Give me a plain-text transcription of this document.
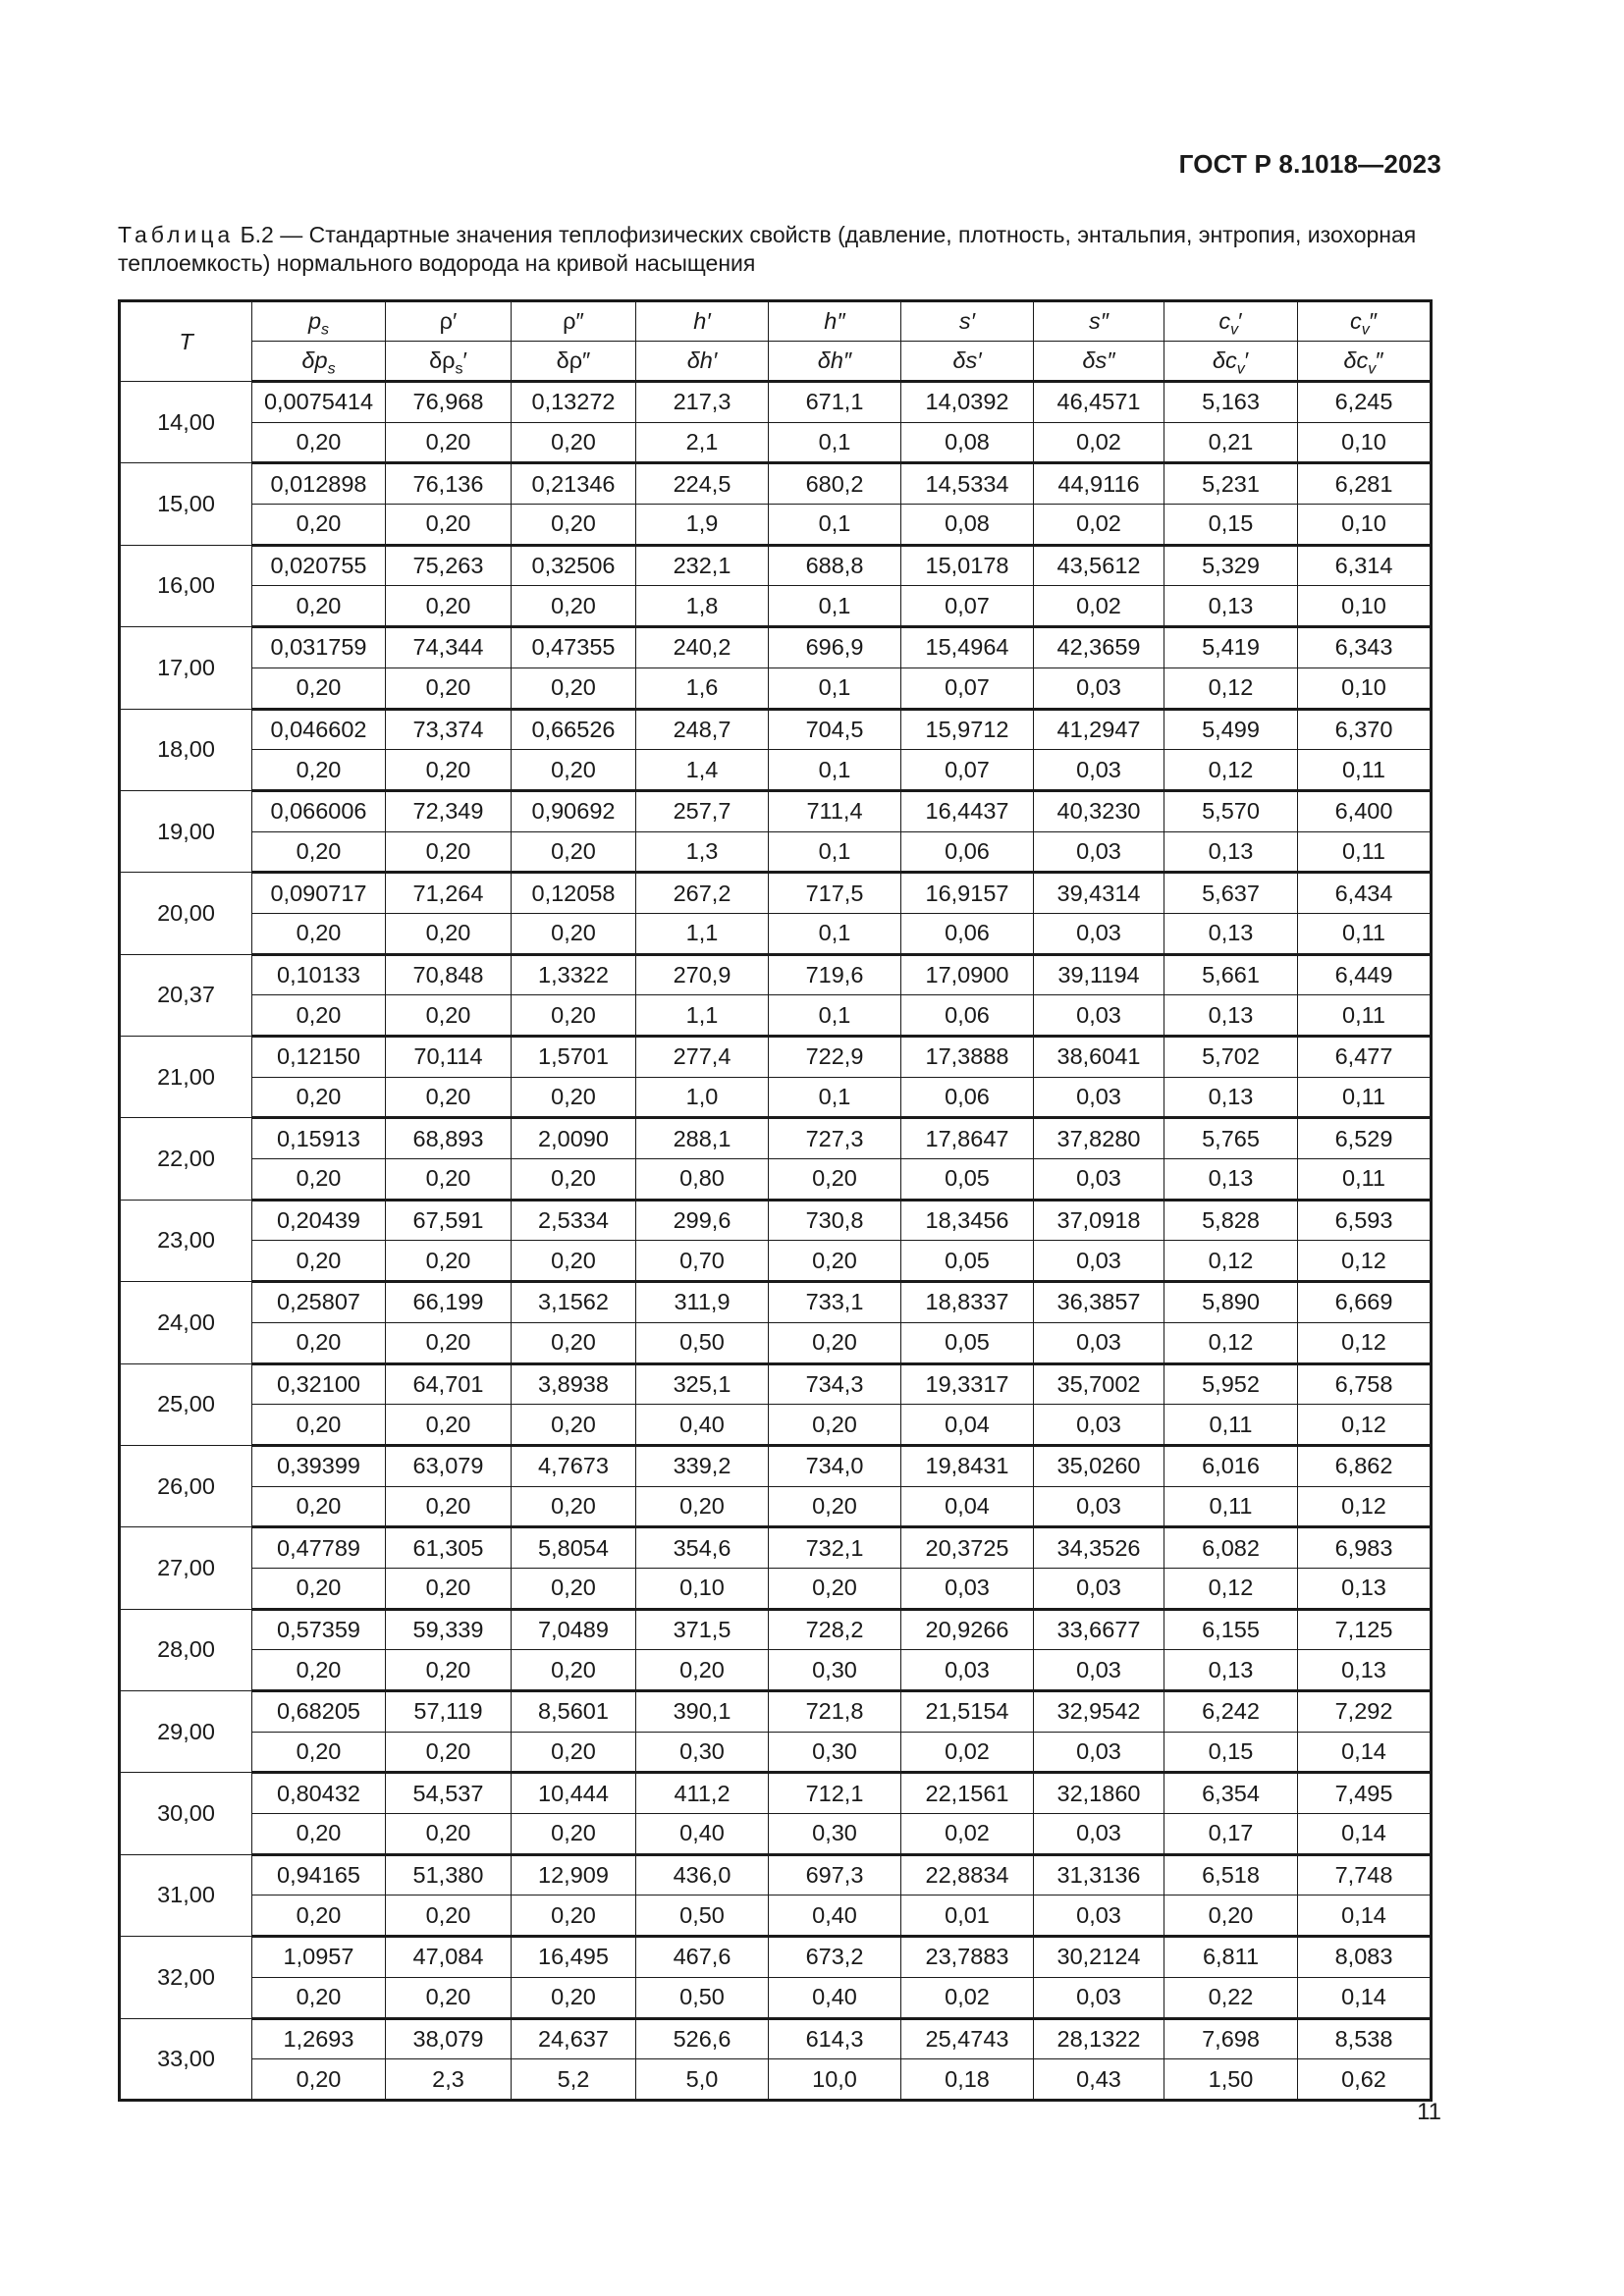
ГОСТ Р 8.1018—2023
Таблица Б.2 — Стандартные значения теплофизических свойств (давление, плотность, энтальпия, энтропия, изохорная теплоемкость) нормального водорода на кривой насыщения
T	$p_s$	ρ′	ρ″	h′	h″	s′	s″	$c_v'$	$c_v''$
	$\delta p_s$	$\delta\rho_s'$	δρ″	δh′	δh″	δs′	δs″	$\delta c_v'$	$\delta c_v''$
14,00	0,0075414	76,968	0,13272	217,3	671,1	14,0392	46,4571	5,163	6,245
	0,20	0,20	0,20	2,1	0,1	0,08	0,02	0,21	0,10
15,00	0,012898	76,136	0,21346	224,5	680,2	14,5334	44,9116	5,231	6,281
	0,20	0,20	0,20	1,9	0,1	0,08	0,02	0,15	0,10
16,00	0,020755	75,263	0,32506	232,1	688,8	15,0178	43,5612	5,329	6,314
	0,20	0,20	0,20	1,8	0,1	0,07	0,02	0,13	0,10
17,00	0,031759	74,344	0,47355	240,2	696,9	15,4964	42,3659	5,419	6,343
	0,20	0,20	0,20	1,6	0,1	0,07	0,03	0,12	0,10
18,00	0,046602	73,374	0,66526	248,7	704,5	15,9712	41,2947	5,499	6,370
	0,20	0,20	0,20	1,4	0,1	0,07	0,03	0,12	0,11
19,00	0,066006	72,349	0,90692	257,7	711,4	16,4437	40,3230	5,570	6,400
	0,20	0,20	0,20	1,3	0,1	0,06	0,03	0,13	0,11
20,00	0,090717	71,264	0,12058	267,2	717,5	16,9157	39,4314	5,637	6,434
	0,20	0,20	0,20	1,1	0,1	0,06	0,03	0,13	0,11
20,37	0,10133	70,848	1,3322	270,9	719,6	17,0900	39,1194	5,661	6,449
	0,20	0,20	0,20	1,1	0,1	0,06	0,03	0,13	0,11
21,00	0,12150	70,114	1,5701	277,4	722,9	17,3888	38,6041	5,702	6,477
	0,20	0,20	0,20	1,0	0,1	0,06	0,03	0,13	0,11
22,00	0,15913	68,893	2,0090	288,1	727,3	17,8647	37,8280	5,765	6,529
	0,20	0,20	0,20	0,80	0,20	0,05	0,03	0,13	0,11
23,00	0,20439	67,591	2,5334	299,6	730,8	18,3456	37,0918	5,828	6,593
	0,20	0,20	0,20	0,70	0,20	0,05	0,03	0,12	0,12
24,00	0,25807	66,199	3,1562	311,9	733,1	18,8337	36,3857	5,890	6,669
	0,20	0,20	0,20	0,50	0,20	0,05	0,03	0,12	0,12
25,00	0,32100	64,701	3,8938	325,1	734,3	19,3317	35,7002	5,952	6,758
	0,20	0,20	0,20	0,40	0,20	0,04	0,03	0,11	0,12
26,00	0,39399	63,079	4,7673	339,2	734,0	19,8431	35,0260	6,016	6,862
	0,20	0,20	0,20	0,20	0,20	0,04	0,03	0,11	0,12
27,00	0,47789	61,305	5,8054	354,6	732,1	20,3725	34,3526	6,082	6,983
	0,20	0,20	0,20	0,10	0,20	0,03	0,03	0,12	0,13
28,00	0,57359	59,339	7,0489	371,5	728,2	20,9266	33,6677	6,155	7,125
	0,20	0,20	0,20	0,20	0,30	0,03	0,03	0,13	0,13
29,00	0,68205	57,119	8,5601	390,1	721,8	21,5154	32,9542	6,242	7,292
	0,20	0,20	0,20	0,30	0,30	0,02	0,03	0,15	0,14
30,00	0,80432	54,537	10,444	411,2	712,1	22,1561	32,1860	6,354	7,495
	0,20	0,20	0,20	0,40	0,30	0,02	0,03	0,17	0,14
31,00	0,94165	51,380	12,909	436,0	697,3	22,8834	31,3136	6,518	7,748
	0,20	0,20	0,20	0,50	0,40	0,01	0,03	0,20	0,14
32,00	1,0957	47,084	16,495	467,6	673,2	23,7883	30,2124	6,811	8,083
	0,20	0,20	0,20	0,50	0,40	0,02	0,03	0,22	0,14
33,00	1,2693	38,079	24,637	526,6	614,3	25,4743	28,1322	7,698	8,538
	0,20	2,3	5,2	5,0	10,0	0,18	0,43	1,50	0,62
11
